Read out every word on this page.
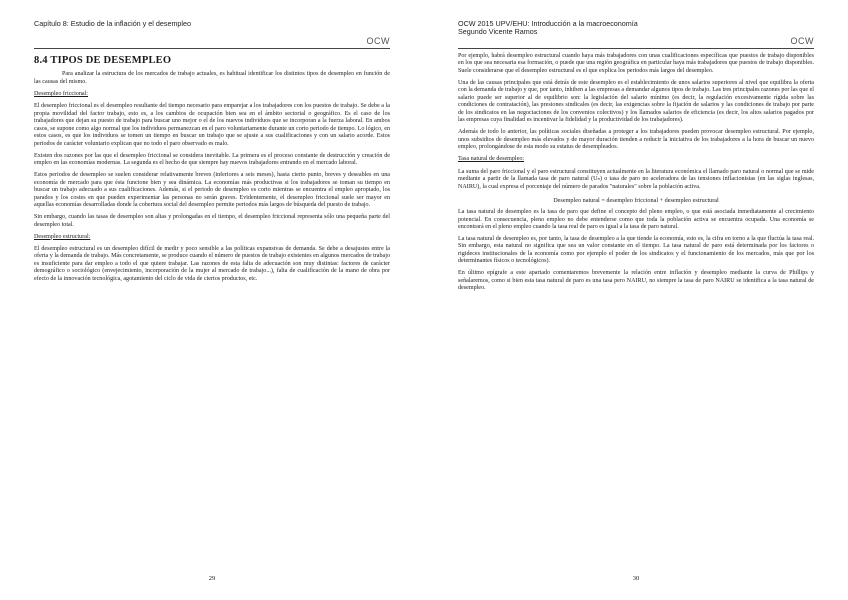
Capítulo 8: Estudio de la inflación y el desempleo
OCW
8.4 TIPOS DE DESEMPLEO

Para analizar la estructura de los mercados de trabajo actuales, es habitual identificar los distintos tipos de desempleo en función de las causas del mismo.

Desempleo friccional:

El desempleo friccional es el desempleo resultante del tiempo necesario para emparejar a los trabajadores con los puestos de trabajo. Se debe a la propia movilidad del factor trabajo, esto es, a los cambios de ocupación bien sea en el ámbito sectorial o geográfico. Es el caso de los trabajadores que dejan su puesto de trabajo para buscar uno mejor o el de los nuevos individuos que se incorporan a la fuerza laboral. En ambos casos, se supone como algo normal que los individuos permanezcan en el paro voluntariamente durante un corto periodo de tiempo. Lo lógico, en estos casos, es que los individuos se tomen un tiempo en buscar un trabajo que se ajuste a sus cualificaciones y con un salario acorde. Estos periodos de carácter voluntario explican que no todo el paro observado es malo.

Existen dos razones por las que el desempleo friccional se considera inevitable. La primera es el proceso constante de destrucción y creación de empleo en las economías modernas. La segunda es el hecho de que siempre hay nuevos trabajadores entrando en el mercado laboral.

Estos periodos de desempleo se suelen considerar relativamente breves (inferiores a seis meses), hasta cierto punto, breves y deseables en una economía de mercado para que ésta funcione bien y sea dinámica. La economías más productivas si los trabajadores se toman su tiempo en buscar un trabajo adecuado a sus cualificaciones. Además, si el periodo de desempleo es corto mientras se encuentra el empleo apropiado, los parados y los costes en que pueden experimentar las personas no serán graves. Evidentemente, el desempleo friccional suele ser mayor en aquellas economías desarrolladas donde la cobertura social del desempleo permite periodos más largos de búsqueda del puesto de trabajo.

Sin embargo, cuando las tasas de desempleo son altas y prolongadas en el tiempo, el desempleo friccional representa sólo una pequeña parte del desempleo total.

Desempleo estructural:

El desempleo estructural es un desempleo difícil de medir y poco sensible a las políticas expansivas de demanda. Se debe a desajustes entre la oferta y la demanda de trabajo. Más concretamente, se produce cuando el número de puestos de trabajo existentes en algunos mercados de trabajo es insuficiente para dar empleo a todo el que quiere trabajar. Las razones de esta falta de adecuación son muy distintas: factores de carácter demográfico o sociológico (envejecimiento, incorporación de la mujer al mercado de trabajo...), falta de cualificación de la mano de obra por efecto de la innovación tecnológica, agotamiento del ciclo de vida de ciertos productos, etc.

29
OCW 2015 UPV/EHU: Introducción a la macroeconomía
Segundo Vicente Ramos
OCW

Por ejemplo, habrá desempleo estructural cuando haya más trabajadores con unas cualificaciones específicas que puestos de trabajo disponibles en los que sea necesaria esa formación, o puede que una región geográfica en particular haya más trabajadores que puestos de trabajo disponibles. Suele considerarse que el desempleo estructural es el que explica los periodos más largos del desempleo.

Una de las causas principales que está detrás de este desempleo es el establecimiento de unos salarios superiores al nivel que equilibra la oferta con la demanda de trabajo y que, por tanto, inhiben a las empresas a demandar algunos tipos de trabajo. Las tres principales razones por las que el salario puede ser superior al de equilibrio son: la legislación del salario mínimo (es decir, la regulación excesivamente rígida sobre las condiciones de contratación), las presiones sindicales (es decir, las exigencias sobre la fijación de salarios y las condiciones de trabajo por parte de los sindicatos en las negociaciones de los convenios colectivos) y los llamados salarios de eficiencia (es decir, los altos salarios pagados por las empresas cuya finalidad es incentivar la fidelidad y la productividad de los trabajadores).

Además de todo lo anterior, las políticas sociales diseñadas a proteger a los trabajadores pueden provocar desempleo estructural. Por ejemplo, unos subsidios de desempleo más elevados y de mayor duración tienden a reducir la iniciativa de los trabajadores a la hora de buscar un nuevo empleo, prolongándose de esta modo su estatus de desempleados.

Tasa natural de desempleo:

La suma del paro friccional y el paro estructural constituyen actualmente en la literatura económica el llamado paro natural o normal que se mide mediante a partir de la llamada tasa de paro natural (Uₙ) o tasa de paro no aceleradora de las tensiones inflacionistas (en las siglas inglesas, NAIRU), la cual expresa el porcentaje del número de parados "naturales" sobre la población activa.

Desempleo natural = desempleo friccional + desempleo estructural

La tasa natural de desempleo es la tasa de paro que define el concepto del pleno empleo, o que está asociada inmediatamente al crecimiento potencial. En consecuencia, pleno empleo no debe entenderse como que toda la población activa se encuentra ocupada. Una economía se encontrará en el pleno empleo cuando la tasa real de paro es igual a la tasa de paro natural.

La tasa natural de desempleo es, por tanto, la tasa de desempleo a la que tiende la economía, esto es, la cifra en torno a la que fluctúa la tasa real. Sin embargo, esta natural no significa que sea un valor constante en el tiempo. La tasa natural de paro está determinada por los factores o rigideces institucionales de la economía como por ejemplo el poder de los sindicatos y el funcionamiento de los mercados, más que por los determinantes físicos o tecnológicos).

En último epígrafe a este apartado comentaremos brevemente la relación entre inflación y desempleo mediante la curva de Phillips y señalaremos, como si bien esta tasa natural de paro es una tasa pero NAIRU, no siempre la tasa de paro NAIRU se identifica a la tasa natural de desempleo.

30
